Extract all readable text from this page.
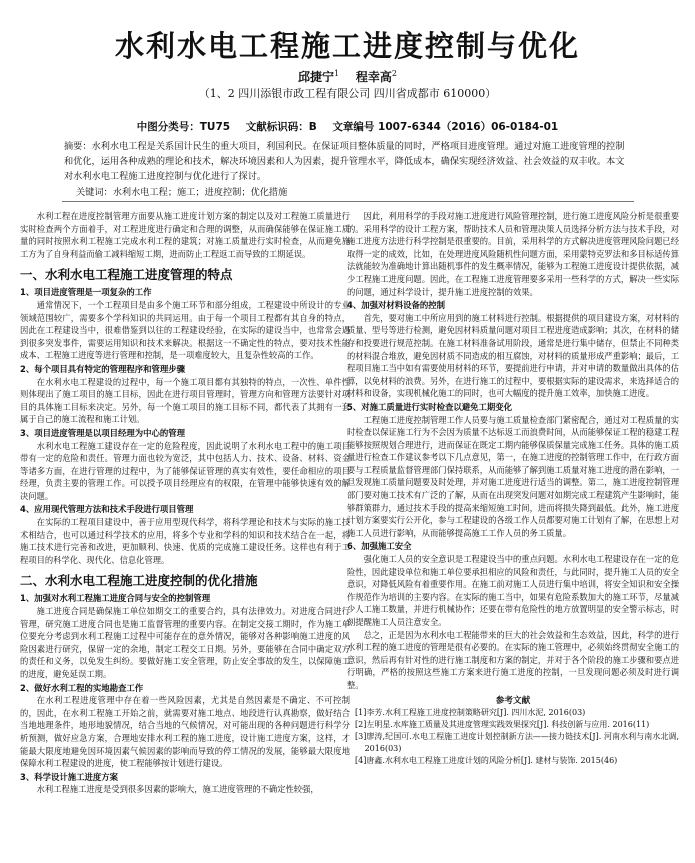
水利水电工程施工进度控制与优化
邱捷宁$^1$ 程幸高$^2$
（1、2 四川添银市政工程有限公司 四川省成都市 610000）
中图分类号：TU75 文献标识码：B 文章编号 1007-6344（2016）06-0184-01
摘要：水利水电工程是关系国计民生的重大项目，利国利民。在保证项目整体质量的同时，严格项目进度管理。通过对施工进度管理的控制和优化，运用各种成熟的理论和技术，解决环境因素和人为因素，提升管理水平，降低成本，确保实现经济效益、社会效益的双丰收。本文对水利水电工程施工进度控制与优化进行了探讨。
关键词：水利水电工程；施工；进度控制；优化措施

水利工程在进度控制管理方面要从施工进度计划方案的制定以及对工程施工质量进行实时检查两个方面着手，对工程进度进行确定和合理的调整，从而确保能够在保证施工质量的同时按照水利工程施工完成水利工程的建筑；对施工质量进行实时检查，从而避免施工方为了自身利益而偷工减料缩短工期，进而防止工程返工而导致的工期延误。

一、水利水电工程施工进度管理的特点
1、项目进度管理是一项复杂的工作

通常情况下，一个工程项目是由多个施工环节和部分组成，工程建设中所设计的专业领域范围较广，需要多个学科知识的共同运用。由于每一个项目工程都有其自身的特点，因此在工程建设当中，很难借鉴到以往的工程建设经验，在实际的建设当中，也常常会遇到很多突发事件，需要运用知识和技术来解决。根据这一不确定性的特点，要对技术性能成本、工程施工进度等进行管理和控制，是一项难度较大，且复杂性较高的工作。

2、每个项目具有特定的管理程序和管理步骤

在水利水电工程建设的过程中，每一个施工项目都有其独特的特点，一次性、单件性则体现出了施工项目的施工目标，因此在进行项目管理时，管理方向和管理方法要针对项目的具体施工目标来决定。另外，每一个施工项目的施工目标不同，都代表了其拥有一套属于自己的施工流程和施工计划。

3、项目进度管理是以项目经理为中心的管理

水利水电工程施工建设存在一定的危险程度，因此说明了水利水电工程中的施工项目带有一定的危险和责任。管理力面也较为宽泛，其中包括人力、技术、设备、材料、资金等诸多方面，在进行管理的过程中，为了能够保证管理的真实有效性，要任命相应的项目经理，负责主要的管理工作。可以授予项目经理应有的权限，在管理中能够快速有效的解决问题。

4、应用现代管理方法和技术手段进行项目管理

在实际的工程项目建设中，善于应用型现代科学，将科学理论和技术与实际的施工技术相结合，也可以通过科学技术的应用，将多个专业和学科的知识和技术结合在一起，将施工技术进行完善和改进，更加顺利、快速、优质的完成施工建设任务。这样也有利于工程项目的科学化、现代化、信息化管理。

二、水利水电工程施工进度控制的优化措施
1、加强对水利工程施工进度合同与安全的控制管理

施工进度合同是确保施工单位如期交工的重要合约，具有法律效力。对进度合同进行管理，研究施工进度合同也是施工监督管理的重要内容。在制定交接工期时，作为施工单位要充分考虑到水利工程施工过程中可能存在的意外情况，能够对各种影响施工进度的风险因素进行研究，保留一定的余地，制定工程交工日期。另外，要能够在合同中确定双方的责任和义务，以免发生纠纷。要做好施工安全管理，防止安全事故的发生，以保障施工的进度，避免延误工期。

2、做好水利工程的实地勘查工作

在水利工程进度管理中存在着一些风险因素，尤其是自然因素是不确定、不可控制的，因此，在水利工程施工开始之前，就需要对施工地点、地段进行认真勘察，做好结合当地地理条件，地形地貌情况，结合当地的气候情况，对可能出现的各种问题进行科学分析预测，做好应急方案，合理地安排水利工程的施工进度，设计施工进度方案，这样，才能最大限度地避免因环境因素气候因素的影响而导致的停工情况的发展，能够最大限度地保障水利工程建设的进度，使工程能够按计划进行建设。

3、科学设计施工进度方案

水利工程施工进度是受到很多因素的影响大，施工进度管理的不确定性较强，

因此，利用科学的手段对施工进度进行风险管理控制，进行施工进度风险分析是很重要的。采用科学的设计工程方案，帮助技术人员和管理决策人员选择分析方法与技术手段，对施工进度方法进行科学控制是很重要的。目前，采用科学的方式解决进度管理风险问题已经取得一定的成效，比如，在处理进度风险随机性问题方面，采用蒙特克罗法和多目标适传算法就能较为准确地计算出随机事件的发生概率情况，能够为工程施工进度设计提供依据，减少工程施工进度问题。因此，在工程施工进度管理要多采用一些科学的方式，解决一些实际的问题，通过科学设计，提升施工进度控制的效果。

4、加强对材料设备的控制

首先，要对施工中所应用到的施工材料进行控制。根据提供的项目建设方案，对材料的质量、型号等进行检测，避免因材料质量问题对项目工程进度造成影响；其次，在材料的储存和投要进行规范控制。在施工材料准备试用阶段，通常是进行集中储存，但禁止不同种类的材料混合堆放，避免因材质不同造成的相互腐蚀，对材料的质量形成严重影响；最后，工程项目施工当中如有需要使用材料的环节，要提前进行申请，并对申请的数量做出具体的估算，以免材料的浪费。另外，在进行施工的过程中，要根据实际的建设需求，来选择适合的材料和设备，实现机械化施工的同时，也可大幅度的提升施工效率，加快施工进度。

5、对施工质量进行实时检查以避免工期变化

工程施工进度控制管理工作人员要与施工质量检查部门紧密配合，通过对工程质量的实时检查以保证施工行为不会因为质量不达标返工而浪费时间，从而能够保证工程的稳建工程能够按照规划合理进行，进而保证在既定工期内能够保质保量完成施工任务。具体的施工质量进行检查工作建议参考以下几点意见，第一，在施工进度的控制管理工作中，在行政方面要与工程质量监督管理部门保持联系，从而能够了解到施工质量对施工进度的潜在影响，一旦发现施工质量问题要及时处理，并对施工进度进行适当的调整。第二，施工进度控制管理部门要对施工技术有广泛的了解，从而在出现突发问题对如期完成工程建筑产生影响时，能够群策群力，通过技术手段的提高来缩短施工时间，进而将损失降到最低。此外，施工进度计划方案要实行公开化，参与工程建设的各级工作人员都要对施工计划有了解，在思想上对施工人员进行影响，从而能够提高施工工作人员的务工质量。

6、加强施工安全

强化施工人员的安全意识是工程建设当中的重点问题。水利水电工程建设存在一定的危险性，因此建设单位和施工单位要承担相应的风险和责任，与此同时，提升施工人员的安全意识，对降低风险有着重要作用。在施工前对施工人员进行集中培训，将安全知识和安全操作规范作为培训的主要内容。在实际的施工当中，如果有危险系数加大的施工环节，尽量减少人工施工数量，并进行机械协作；还要在带有危险性的地方放置明显的安全警示标志，时刻提醒施工人员注意安全。

总之，正是因为水利水电工程能带来的巨大的社会效益和生态效益，因此，科学的进行水利工程的施工进度的管理是很有必要的。在实际的施工管理中，必须始终贯彻安全施工的意识，然后再有针对性的进行施工制度和方案的制定，并对于各个阶段的施工步骤和要点进行明确，严格的按照这些施工方案来进行施工进度的控制，一旦发现问题必须及时进行调整。

参考文献
[1]李芳.水利工程施工进度控制策略研究[J]. 四川水泥, 2016(03)
[2]左明星.水库施工质量及其进度管理实践效果探究[J]. 科技创新与应用. 2016(11)
[3]廖涛,纪国可.水电工程施工进度计划控制新方法——接力链技术[J]. 河南水利与南水北调, 2016(03)
[4]唐鑫.水利水电工程施工进度计划的风险分析[J]. 建材与装饰. 2015(46)
